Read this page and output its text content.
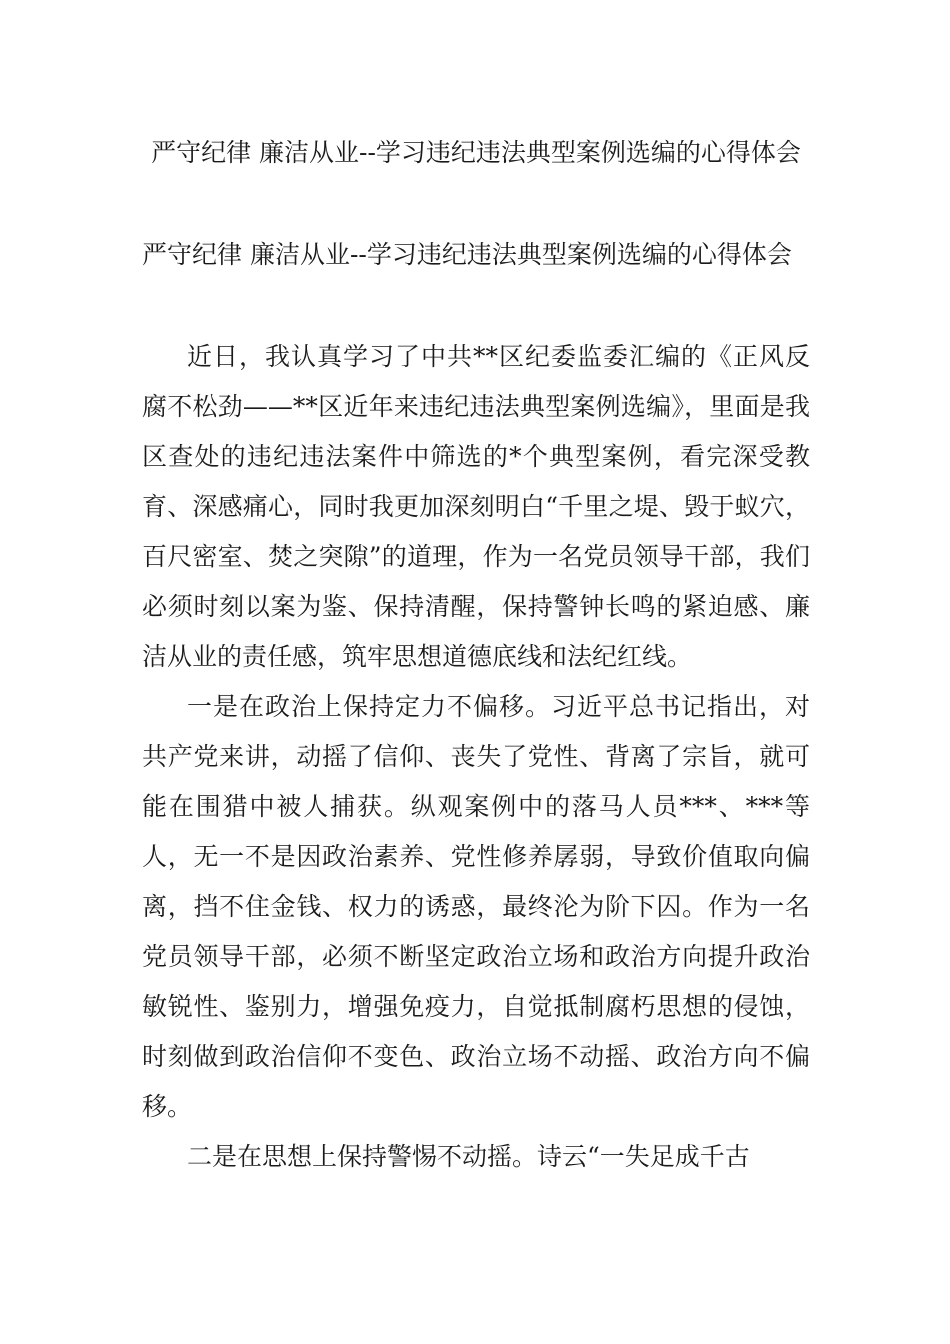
严守纪律 廉洁从业--学习违纪违法典型案例选编的心得体会

严守纪律 廉洁从业--学习违纪违法典型案例选编的心得体会

近日，我认真学习了中共**区纪委监委汇编的《正风反腐不松劲——**区近年来违纪违法典型案例选编》，里面是我区查处的违纪违法案件中筛选的*个典型案例，看完深受教育、深感痛心，同时我更加深刻明白“千里之堤、毁于蚁穴，百尺密室、焚之突隙”的道理，作为一名党员领导干部，我们必须时刻以案为鉴、保持清醒，保持警钟长鸣的紧迫感、廉洁从业的责任感，筑牢思想道德底线和法纪红线。

一是在政治上保持定力不偏移。习近平总书记指出，对共产党来讲，动摇了信仰、丧失了党性、背离了宗旨，就可能在围猎中被人捕获。纵观案例中的落马人员***、***等人，无一不是因政治素养、党性修养孱弱，导致价值取向偏离，挡不住金钱、权力的诱惑，最终沦为阶下囚。作为一名党员领导干部，必须不断坚定政治立场和政治方向提升政治敏锐性、鉴别力，增强免疫力，自觉抵制腐朽思想的侵蚀，时刻做到政治信仰不变色、政治立场不动摇、政治方向不偏移。

二是在思想上保持警惕不动摇。诗云“一失足成千古
